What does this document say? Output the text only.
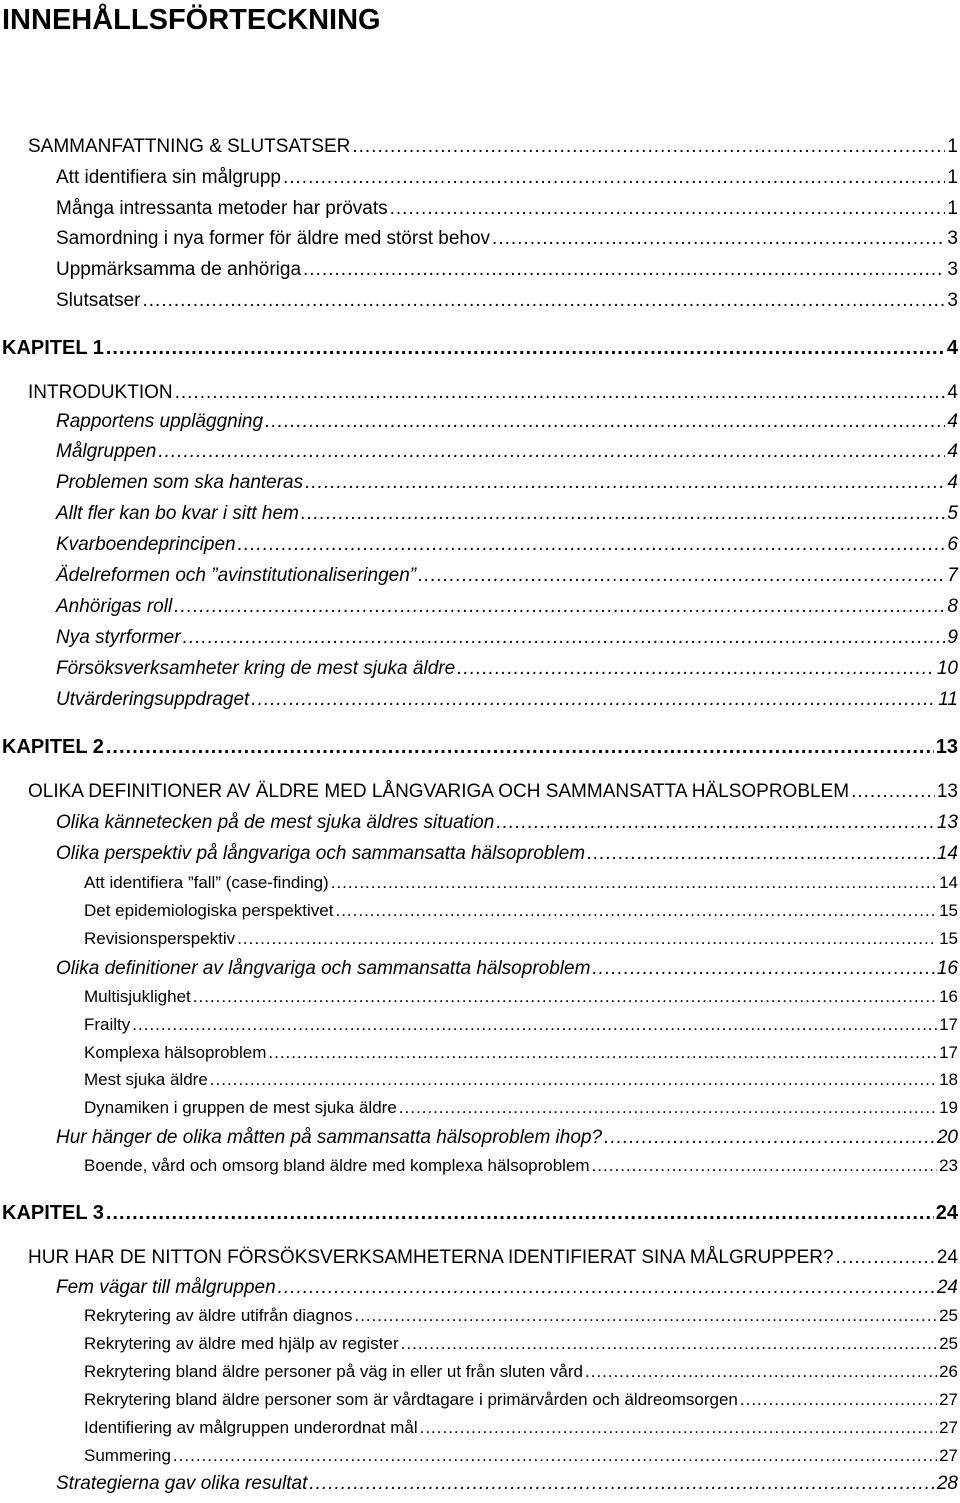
INNEHÅLLSFÖRTECKNING
SAMMANFATTNING & SLUTSATSER .....	1
Att identifiera sin målgrupp .....	1
Många intressanta metoder har prövats .....	1
Samordning i nya former för äldre med störst behov .....	3
Uppmärksamma de anhöriga .....	3
Slutsatser .....	3
KAPITEL 1 .....	4
INTRODUKTION .....	4
Rapportens uppläggning .....	4
Målgruppen .....	4
Problemen som ska hanteras .....	4
Allt fler kan bo kvar i sitt hem .....	5
Kvarboendeprincipen .....	6
Ädelreformen och ”avinstitutionaliseringen” .....	7
Anhörigas roll .....	8
Nya styrformer .....	9
Försöksverksamheter kring de mest sjuka äldre .....	10
Utvärderingsuppdraget .....	11
KAPITEL 2 .....	13
OLIKA DEFINITIONER AV ÄLDRE MED LÅNGVARIGA OCH SAMMANSATTA HÄLSOPROBLEM .....	13
Olika kännetecken på de mest sjuka äldres situation .....	13
Olika perspektiv på långvariga och sammansatta hälsoproblem .....	14
Att identifiera ”fall” (case-finding) .....	14
Det epidemiologiska perspektivet .....	15
Revisionsperspektiv .....	15
Olika definitioner av långvariga och sammansatta hälsoproblem .....	16
Multisjuklighet .....	16
Frailty .....	17
Komplexa hälsoproblem .....	17
Mest sjuka äldre .....	18
Dynamiken i gruppen de mest sjuka äldre .....	19
Hur hänger de olika måtten på sammansatta hälsoproblem ihop? .....	20
Boende, vård och omsorg bland äldre med komplexa hälsoproblem .....	23
KAPITEL 3 .....	24
HUR HAR DE NITTON FÖRSÖKSVERKSAMHETERNA IDENTIFIERAT SINA MÅLGRUPPER? .....	24
Fem vägar till målgruppen .....	24
Rekrytering av äldre utifrån diagnos .....	25
Rekrytering av äldre med hjälp av register .....	25
Rekrytering bland äldre personer på väg in eller ut från sluten vård .....	26
Rekrytering bland äldre personer som är vårdtagare i primärvården och äldreomsorgen .....	27
Identifiering av målgruppen underordnat mål .....	27
Summering .....	27
Strategierna gav olika resultat .....	28
